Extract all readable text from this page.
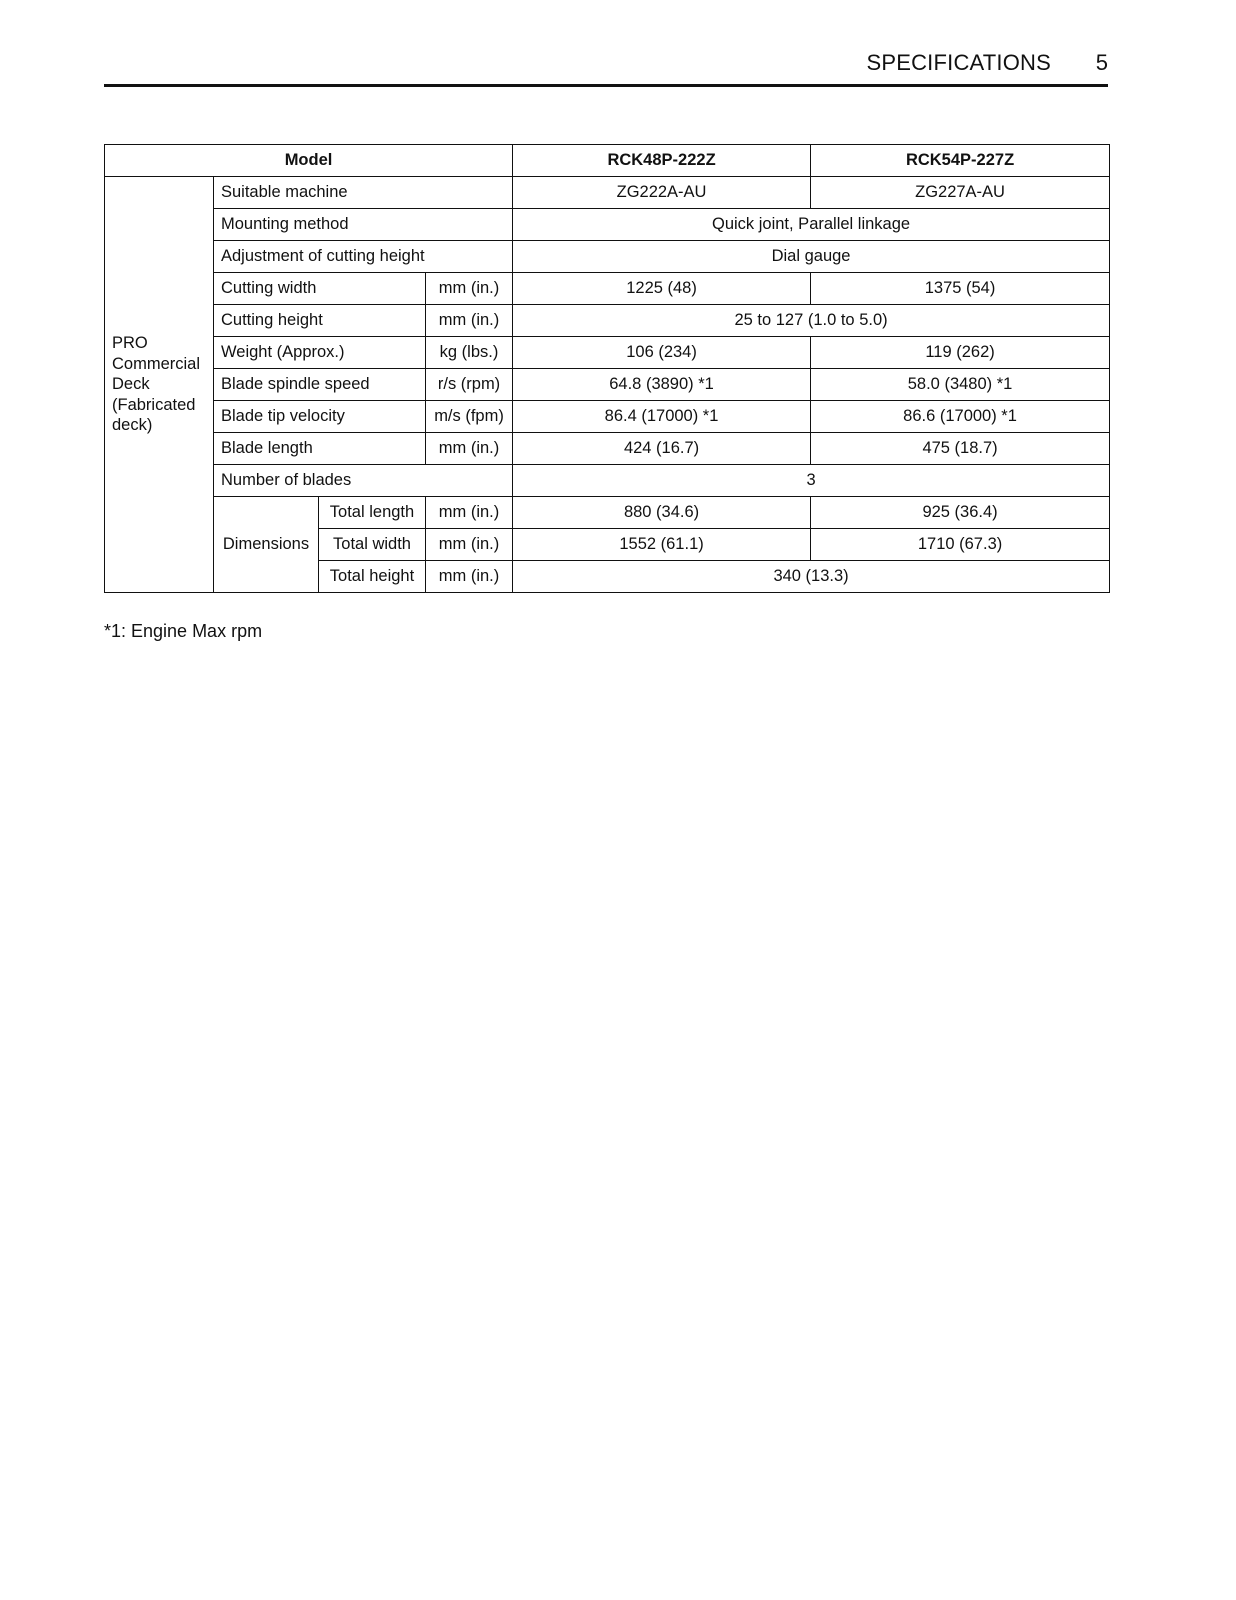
SPECIFICATIONS 5
Model				RCK48P-222Z	RCK54P-227Z
PRO Commercial Deck (Fabricated deck)	Suitable machine			ZG222A-AU	ZG227A-AU
	Mounting method			Quick joint, Parallel linkage	
	Adjustment of cutting height			Dial gauge	
	Cutting width		mm (in.)	1225 (48)	1375 (54)
	Cutting height		mm (in.)	25 to 127 (1.0 to 5.0)	
	Weight (Approx.)		kg (lbs.)	106 (234)	119 (262)
	Blade spindle speed		r/s (rpm)	64.8 (3890) *1	58.0 (3480) *1
	Blade tip velocity		m/s (fpm)	86.4 (17000) *1	86.6 (17000) *1
	Blade length		mm (in.)	424 (16.7)	475 (18.7)
	Number of blades			3	
	Dimensions	Total length	mm (in.)	880 (34.6)	925 (36.4)
		Total width	mm (in.)	1552 (61.1)	1710 (67.3)
		Total height	mm (in.)	340 (13.3)	
*1: Engine Max rpm
